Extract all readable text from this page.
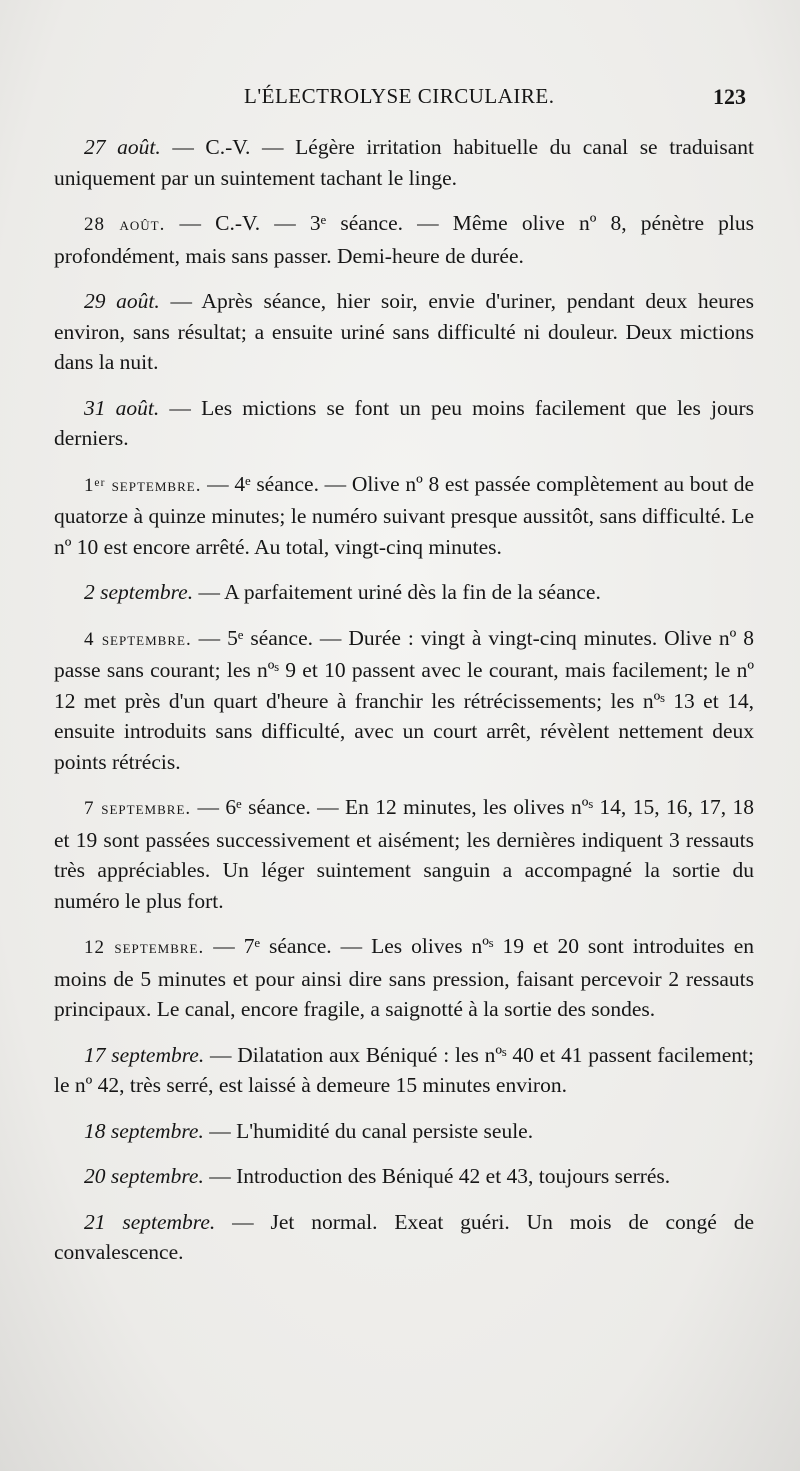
L'ÉLECTROLYSE CIRCULAIRE.	123

27 août. — C.-V. — Légère irritation habituelle du canal se traduisant uniquement par un suintement tachant le linge.

28 août. — C.-V. — 3ᵉ séance. — Même olive nº 8, pénètre plus profondément, mais sans passer. Demi-heure de durée.

29 août. — Après séance, hier soir, envie d'uriner, pendant deux heures environ, sans résultat; a ensuite uriné sans difficulté ni douleur. Deux mictions dans la nuit.

31 août. — Les mictions se font un peu moins facilement que les jours derniers.

1ᵉʳ septembre. — 4ᵉ séance. — Olive nº 8 est passée complètement au bout de quatorze à quinze minutes; le numéro suivant presque aussitôt, sans difficulté. Le nº 10 est encore arrêté. Au total, vingt-cinq minutes.

2 septembre. — A parfaitement uriné dès la fin de la séance.

4 septembre. — 5ᵉ séance. — Durée : vingt à vingt-cinq minutes. Olive nº 8 passe sans courant; les nºˢ 9 et 10 passent avec le courant, mais facilement; le nº 12 met près d'un quart d'heure à franchir les rétrécissements; les nºˢ 13 et 14, ensuite introduits sans difficulté, avec un court arrêt, révèlent nettement deux points rétrécis.

7 septembre. — 6ᵉ séance. — En 12 minutes, les olives nºˢ 14, 15, 16, 17, 18 et 19 sont passées successivement et aisément; les dernières indiquent 3 ressauts très appréciables. Un léger suintement sanguin a accompagné la sortie du numéro le plus fort.

12 septembre. — 7ᵉ séance. — Les olives nºˢ 19 et 20 sont introduites en moins de 5 minutes et pour ainsi dire sans pression, faisant percevoir 2 ressauts principaux. Le canal, encore fragile, a saignotté à la sortie des sondes.

17 septembre. — Dilatation aux Béniqué : les nºˢ 40 et 41 passent facilement; le nº 42, très serré, est laissé à demeure 15 minutes environ.

18 septembre. — L'humidité du canal persiste seule.

20 septembre. — Introduction des Béniqué 42 et 43, toujours serrés.

21 septembre. — Jet normal. Exeat guéri. Un mois de congé de convalescence.
